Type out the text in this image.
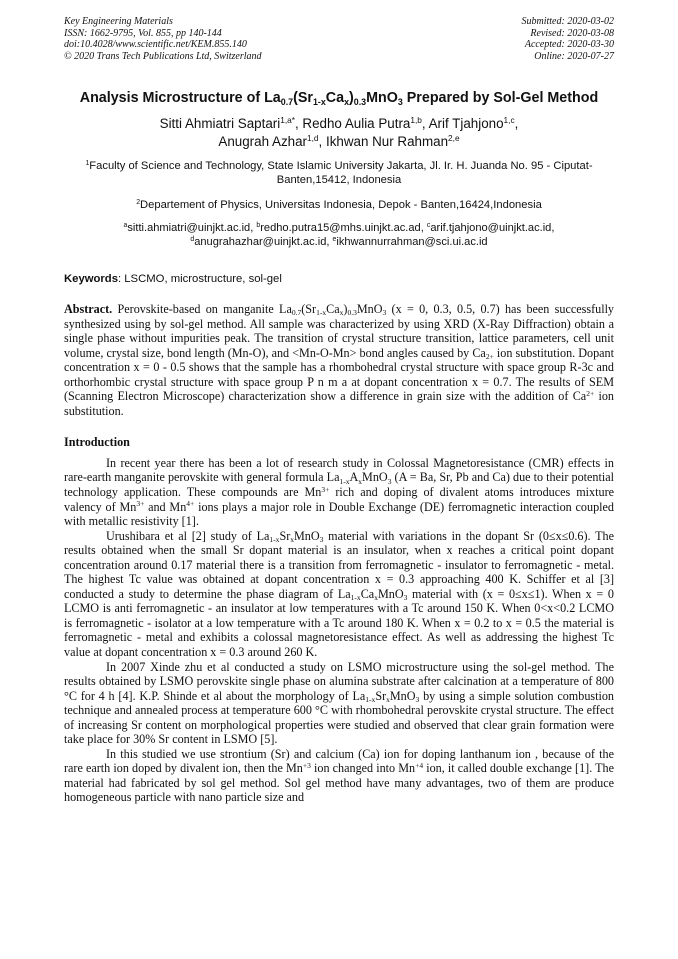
Key Engineering Materials
ISSN: 1662-9795, Vol. 855, pp 140-144
doi:10.4028/www.scientific.net/KEM.855.140
© 2020 Trans Tech Publications Ltd, Switzerland
Submitted: 2020-03-02
Revised: 2020-03-08
Accepted: 2020-03-30
Online: 2020-07-27
Analysis Microstructure of $La_{0.7}(Sr_{1-x}Ca_x)_{0.3}MnO_3$ Prepared by Sol-Gel Method
Sitti Ahmiatri Saptari$^{1,a*}$, Redho Aulia Putra$^{1,b}$, Arif Tjahjono$^{1,c}$,
Anugrah Azhar$^{1,d}$, Ikhwan Nur Rahman$^{2,e}$
$^1$Faculty of Science and Technology, State Islamic University Jakarta, Jl. Ir. H. Juanda No. 95 - Ciputat-Banten,15412, Indonesia
$^2$Departement of Physics, Universitas Indonesia, Depok - Banten,16424,Indonesia
$^a$sitti.ahmiatri@uinjkt.ac.id, $^b$redho.putra15@mhs.uinjkt.ac.ad, $^c$arif.tjahjono@uinjkt.ac.id,
$^d$anugrahazhar@uinjkt.ac.id, $^e$ikhwannurrahman@sci.ui.ac.id
Keywords: LSCMO, microstructure, sol-gel
Abstract. Perovskite-based on manganite $La_{0.7}(Sr_{1-x}Ca_x)_{0.3}MnO_3$ (x = 0, 0.3, 0.5, 0.7) has been successfully synthesized using by sol-gel method. All sample was characterized by using XRD (X-Ray Diffraction) obtain a single phase without impurities peak. The transition of crystal structure transition, lattice parameters, cell unit volume, crystal size, bond length (Mn-O), and <Mn-O-Mn> bond angles caused by $Ca_{2+}$ ion substitution. Dopant concentration x = 0 - 0.5 shows that the sample has a rhombohedral crystal structure with space group R-3c and orthorhombic crystal structure with space group P n m a at dopant concentration x = 0.7. The results of SEM (Scanning Electron Microscope) characterization show a difference in grain size with the addition of $Ca^{2+}$ ion substitution.
Introduction
In recent year there has been a lot of research study in Colossal Magnetoresistance (CMR) effects in rare-earth manganite perovskite with general formula $La_{1-x}A_xMnO_3$ (A = Ba, Sr, Pb and Ca) due to their potential technology application. These compounds are $Mn^{3+}$ rich and doping of divalent atoms introduces mixture valency of $Mn^{3+}$ and $Mn^{4+}$ ions plays a major role in Double Exchange (DE) ferromagnetic interaction coupled with metallic resistivity [1].
Urushibara et al [2] study of $La_{1-x}Sr_xMnO_3$ material with variations in the dopant Sr (0≤x≤0.6). The results obtained when the small Sr dopant material is an insulator, when x reaches a critical point dopant concentration around 0.17 material there is a transition from ferromagnetic - insulator to ferromagnetic - metal. The highest Tc value was obtained at dopant concentration x = 0.3 approaching 400 K. Schiffer et al [3] conducted a study to determine the phase diagram of $La_{1-x}Ca_xMnO_3$ material with (x = 0≤x≤1). When x = 0 LCMO is anti ferromagnetic - an insulator at low temperatures with a Tc around 150 K. When 0<x<0.2 LCMO is ferromagnetic - isolator at a low temperature with a Tc around 180 K. When x = 0.2 to x = 0.5 the material is ferromagnetic - metal and exhibits a colossal magnetoresistance effect. As well as addressing the highest Tc value at dopant concentration x = 0.3 around 260 K.
In 2007 Xinde zhu et al conducted a study on LSMO microstructure using the sol-gel method. The results obtained by LSMO perovskite single phase on alumina substrate after calcination at a temperature of 800 °C for 4 h [4]. K.P. Shinde et al about the morphology of $La_{1-x}Sr_xMnO_3$ by using a simple solution combustion technique and annealed process at temperature 600 °C with rhombohedral perovskite crystal structure. The effect of increasing Sr content on morphological properties were studied and observed that clear grain formation were take place for 30% Sr content in LSMO [5].
In this studied we use strontium (Sr) and calcium (Ca) ion for doping lanthanum ion , because of the rare earth ion doped by divalent ion, then the $Mn^{+3}$ ion changed into $Mn^{+4}$ ion, it called double exchange [1]. The material had fabricated by sol gel method. Sol gel method have many advantages, two of them are produce homogeneous particle with nano particle size and
